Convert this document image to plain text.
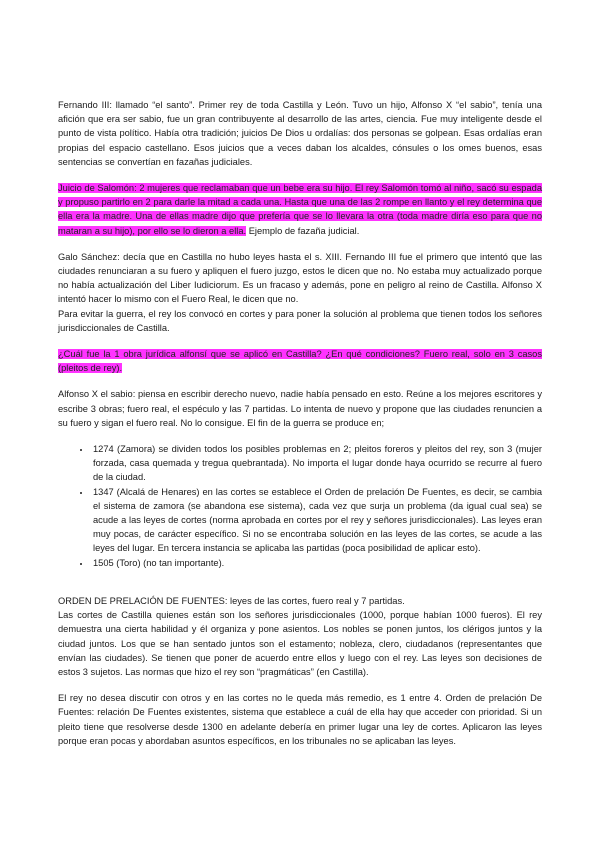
Fernando III: llamado “el santo”. Primer rey de toda Castilla y León. Tuvo un hijo, Alfonso X “el sabio”, tenía una afición que era ser sabio, fue un gran contribuyente al desarrollo de las artes, ciencia. Fue muy inteligente desde el punto de vista político. Había otra tradición; juicios De Dios u ordalías: dos personas se golpean. Esas ordalías eran propias del espacio castellano. Esos juicios que a veces daban los alcaldes, cónsules o los omes buenos, esas sentencias se convertían en fazañas judiciales.

Juicio de Salomón: 2 mujeres que reclamaban que un bebe era su hijo. El rey Salomón tomó al niño, sacó su espada y propuso partirlo en 2 para darle la mitad a cada una. Hasta que una de las 2 rompe en llanto y el rey determina que ella era la madre. Una de ellas madre dijo que prefería que se lo llevara la otra (toda madre diría eso para que no mataran a su hijo), por ello se lo dieron a ella. Ejemplo de fazaña judicial.

Galo Sánchez: decía que en Castilla no hubo leyes hasta el s. XIII. Fernando III fue el primero que intentó que las ciudades renunciaran a su fuero y apliquen el fuero juzgo, estos le dicen que no. No estaba muy actualizado porque no había actualización del Liber Iudiciorum. Es un fracaso y además, pone en peligro al reino de Castilla. Alfonso X intentó hacer lo mismo con el Fuero Real, le dicen que no.

Para evitar la guerra, el rey los convocó en cortes y para poner la solución al problema que tienen todos los señores jurisdiccionales de Castilla.

¿Cuál fue la 1 obra jurídica alfonsí que se aplicó en Castilla? ¿En qué condiciones? Fuero real, solo en 3 casos (pleitos de rey).

Alfonso X el sabio: piensa en escribir derecho nuevo, nadie había pensado en esto. Reúne a los mejores escritores y escribe 3 obras; fuero real, el espéculo y las 7 partidas. Lo intenta de nuevo y propone que las ciudades renuncien a su fuero y sigan el fuero real. No lo consigue. El fin de la guerra se produce en;

• 1274 (Zamora) se dividen todos los posibles problemas en 2; pleitos foreros y pleitos del rey, son 3 (mujer forzada, casa quemada y tregua quebrantada). No importa el lugar donde haya ocurrido se recurre al fuero de la ciudad.
• 1347 (Alcalá de Henares) en las cortes se establece el Orden de prelación De Fuentes, es decir, se cambia el sistema de zamora (se abandona ese sistema), cada vez que surja un problema (da igual cual sea) se acude a las leyes de cortes (norma aprobada en cortes por el rey y señores jurisdiccionales). Las leyes eran muy pocas, de carácter específico. Si no se encontraba solución en las leyes de las cortes, se acude a las leyes del lugar. En tercera instancia se aplicaba las partidas (poca posibilidad de aplicar esto).
• 1505 (Toro) (no tan importante).

ORDEN DE PRELACIÓN DE FUENTES: leyes de las cortes, fuero real y 7 partidas.

Las cortes de Castilla quienes están son los señores jurisdiccionales (1000, porque habían 1000 fueros). El rey demuestra una cierta habilidad y él organiza y pone asientos. Los nobles se ponen juntos, los clérigos juntos y la ciudad juntos. Los que se han sentado juntos son el estamento; nobleza, clero, ciudadanos (representantes que envían las ciudades). Se tienen que poner de acuerdo entre ellos y luego con el rey. Las leyes son decisiones de estos 3 sujetos. Las normas que hizo el rey son “pragmáticas” (en Castilla).

El rey no desea discutir con otros y en las cortes no le queda más remedio, es 1 entre 4. Orden de prelación De Fuentes: relación De Fuentes existentes, sistema que establece a cuál de ella hay que acceder con prioridad. Si un pleito tiene que resolverse desde 1300 en adelante debería en primer lugar una ley de cortes. Aplicaron las leyes porque eran pocas y abordaban asuntos específicos, en los tribunales no se aplicaban las leyes.
